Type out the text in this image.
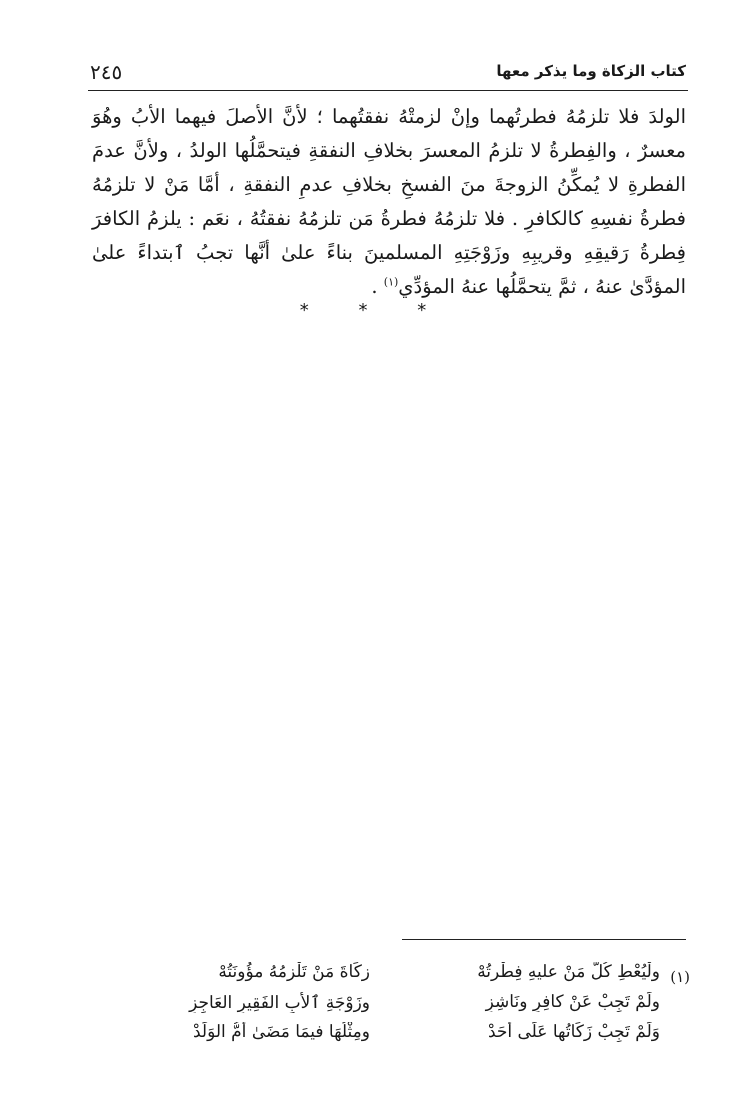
كتاب الزكاة وما يذكر معها
٢٤٥
الولدَ فلا تلزمُهُ فطرتُهما وإنْ لزمتْهُ نفقتُهما ؛ لأنَّ الأصلَ فيهما الأبُ وهُوَ معسرٌ ، والفِطرةُ لا تلزمُ المعسرَ بخلافِ النفقةِ فيتحمَّلُها الولدُ ، ولأنَّ عدمَ الفطرةِ لا يُمكِّنُ الزوجةَ منَ الفسخِ بخلافِ عدمِ النفقةِ ، أمَّا مَنْ لا تلزمُهُ فطرةُ نفسِهِ كالكافرِ . فلا تلزمُهُ فطرةُ مَن تلزمُهُ نفقتُهُ ، نعَم : يلزمُ الكافرَ فِطرةُ رَقيقِهِ وقريبِهِ وزَوْجَتِهِ المسلمينَ بناءً علىٰ أنَّها تجبُ ٱبتداءً علىٰ المؤدَّىٰ عنهُ ، ثمَّ يتحمَّلُها عنهُ المؤدِّي$^{(١)}$ .
* * *
(١)
ولْيُعْطِ كُلُّ مَنْ عليهِ فِطْرتُهْ
زكَاةَ مَنْ تَلْزمُهُ مؤُونَتُهْ
ولَمْ تَجِبْ عَنْ كافِرٍ ونَاشِزِ
وزَوْجَةِ ٱلأبِ الفَقِيرِ العَاجِزِ
وَلَمْ تَجِبْ زَكَاتُها عَلَى أحَدْ
ومِثْلُهَا فيمَا مَضَىٰ أُمُّ الوَلَدْ
